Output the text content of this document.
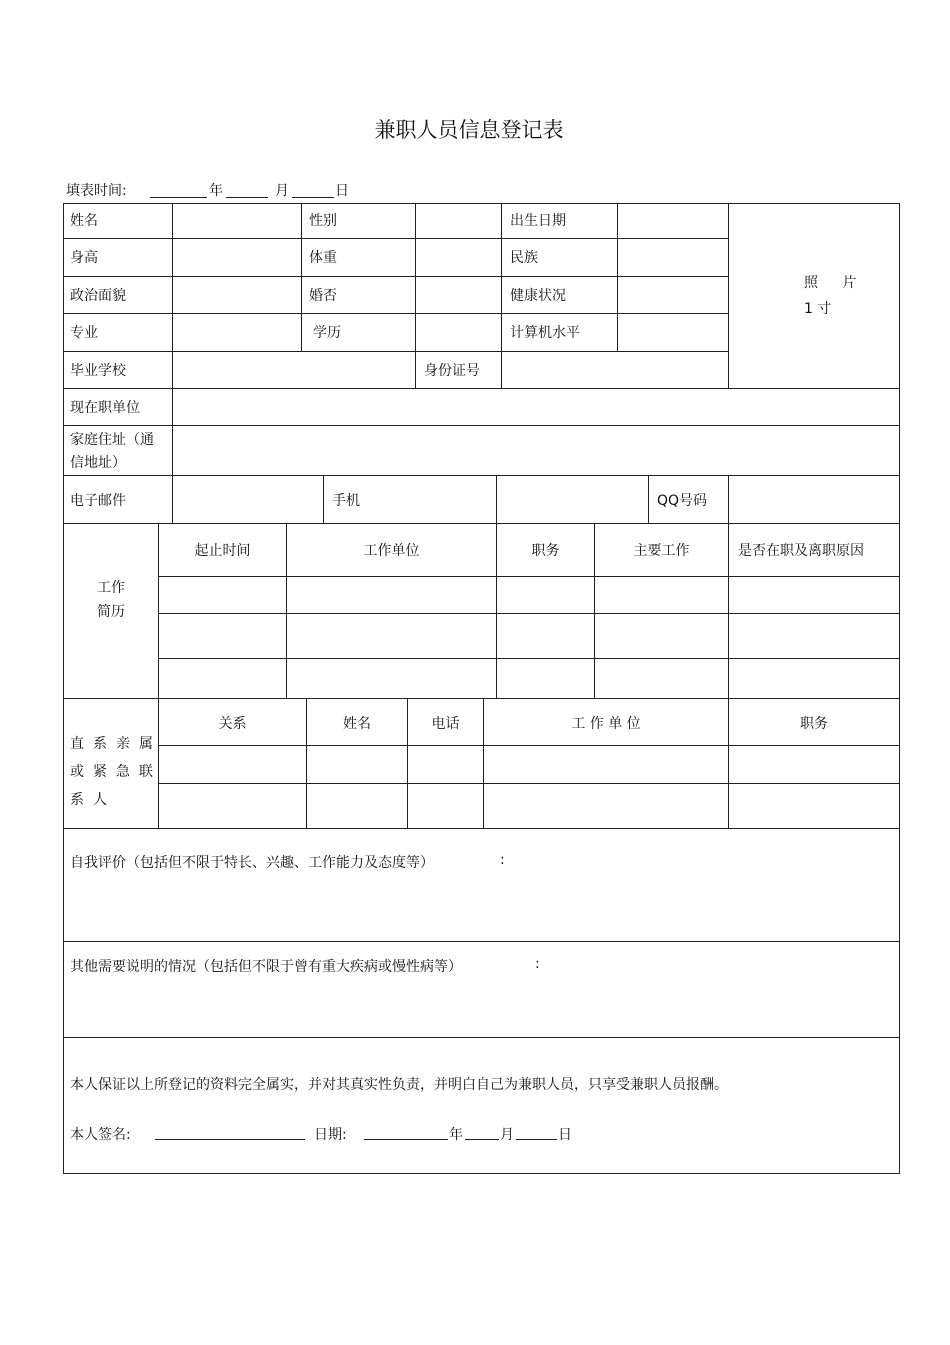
兼职人员信息登记表
填表时间:	年	月	日
姓名	性别	出生日期
身高	体重	民族
政治面貌	婚否	健康状况
专业	学历	计算机水平
毕业学校	身份证号
照 片
1 寸
现在职单位
家庭住址（通
信地址）
电子邮件	手机	QQ号码
工作
简历
起止时间	工作单位	职务	主要工作	是否在职及离职原因
直系亲属
或紧急联
系人
关系	姓名	电话	工 作 单 位	职务
自我评价（包括但不限于特长、兴趣、工作能力及态度等）	:
其他需要说明的情况（包括但不限于曾有重大疾病或慢性病等）	:
本人保证以上所登记的资料完全属实，并对其真实性负责，并明白自己为兼职人员，只享受兼职人员报酬。
本人签名:	日期:	年	月	日
